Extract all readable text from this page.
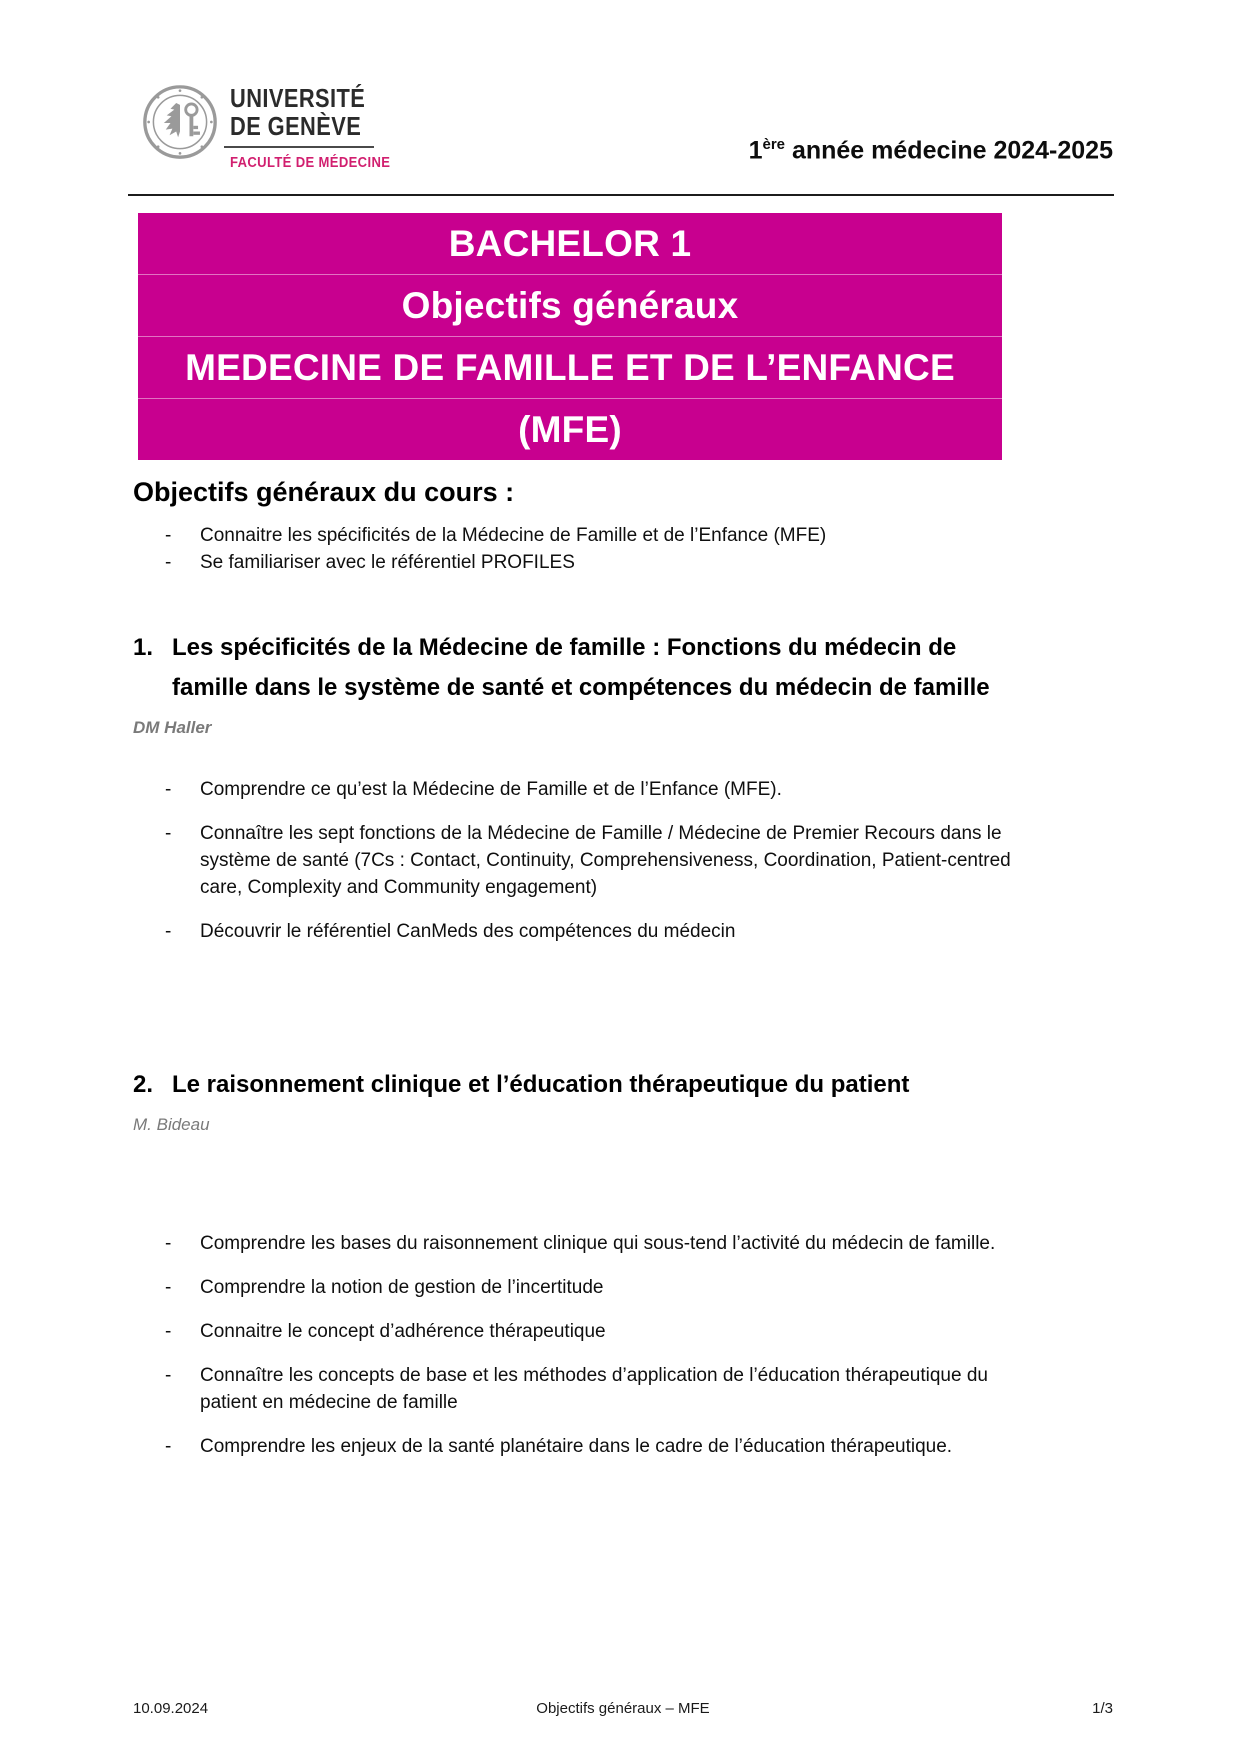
UNIVERSITÉ
DE GENÈVE
FACULTÉ DE MÉDECINE	1ère année médecine 2024-2025
BACHELOR 1
Objectifs généraux
MEDECINE DE FAMILLE ET DE L’ENFANCE
(MFE)
Objectifs généraux du cours :
-	Connaitre les spécificités de la Médecine de Famille et de l’Enfance (MFE)
-	Se familiariser avec le référentiel PROFILES
1. Les spécificités de la Médecine de famille : Fonctions du médecin de famille dans le système de santé et compétences du médecin de famille
DM Haller
-	Comprendre ce qu’est la Médecine de Famille et de l’Enfance (MFE).
-	Connaître les sept fonctions de la Médecine de Famille / Médecine de Premier Recours dans le système de santé (7Cs : Contact, Continuity, Comprehensiveness, Coordination, Patient-centred care, Complexity and Community engagement)
-	Découvrir le référentiel CanMeds des compétences du médecin
2. Le raisonnement clinique et l’éducation thérapeutique du patient
M. Bideau
-	Comprendre les bases du raisonnement clinique qui sous-tend l’activité du médecin de famille.
-	Comprendre la notion de gestion de l’incertitude
-	Connaitre le concept d’adhérence thérapeutique
-	Connaître les concepts de base et les méthodes d’application de l’éducation thérapeutique du patient en médecine de famille
-	Comprendre les enjeux de la santé planétaire dans le cadre de l’éducation thérapeutique.
10.09.2024	Objectifs généraux – MFE	1/3
